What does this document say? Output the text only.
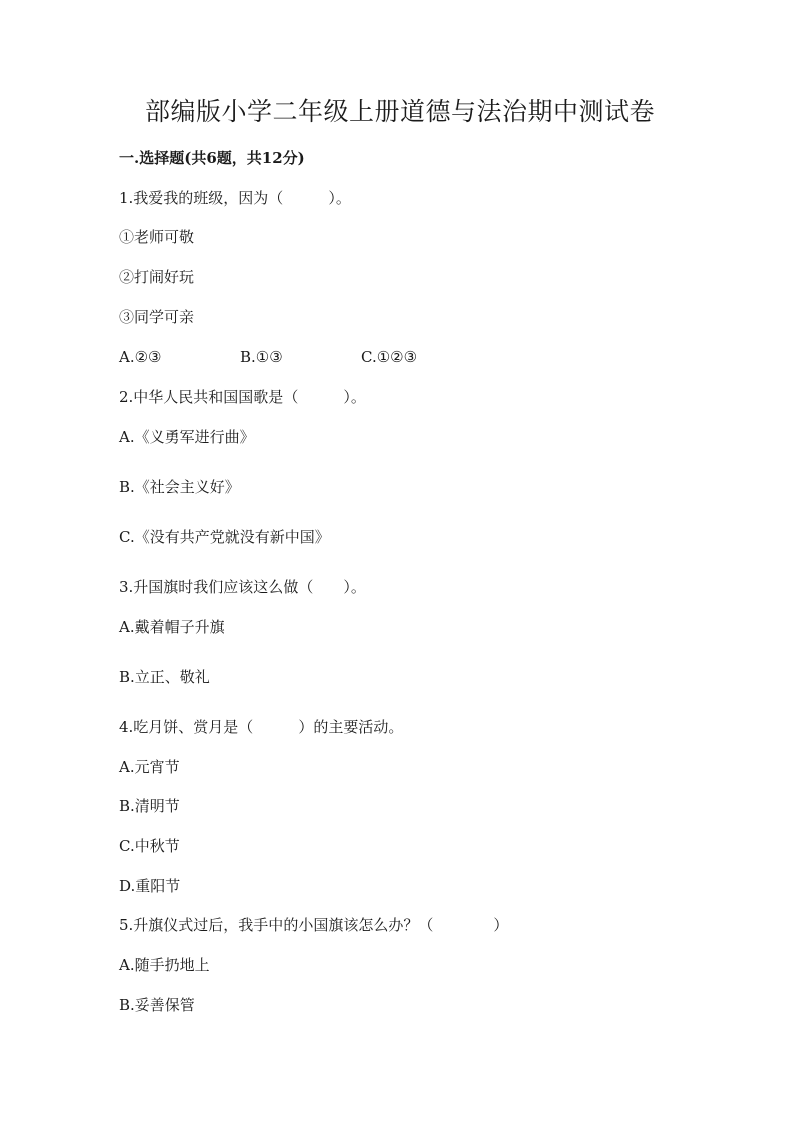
部编版小学二年级上册道德与法治期中测试卷
一.选择题(共6题，共12分)
1.我爱我的班级，因为（　　　）。
①老师可敬
②打闹好玩
③同学可亲
A.②③	B.①③	C.①②③
2.中华人民共和国国歌是（　　　）。
A.《义勇军进行曲》
B.《社会主义好》
C.《没有共产党就没有新中国》
3.升国旗时我们应该这么做（　　）。
A.戴着帽子升旗
B.立正、敬礼
4.吃月饼、赏月是（　　　）的主要活动。
A.元宵节
B.清明节
C.中秋节
D.重阳节
5.升旗仪式过后，我手中的小国旗该怎么办？（　　　　）
A.随手扔地上
B.妥善保管
